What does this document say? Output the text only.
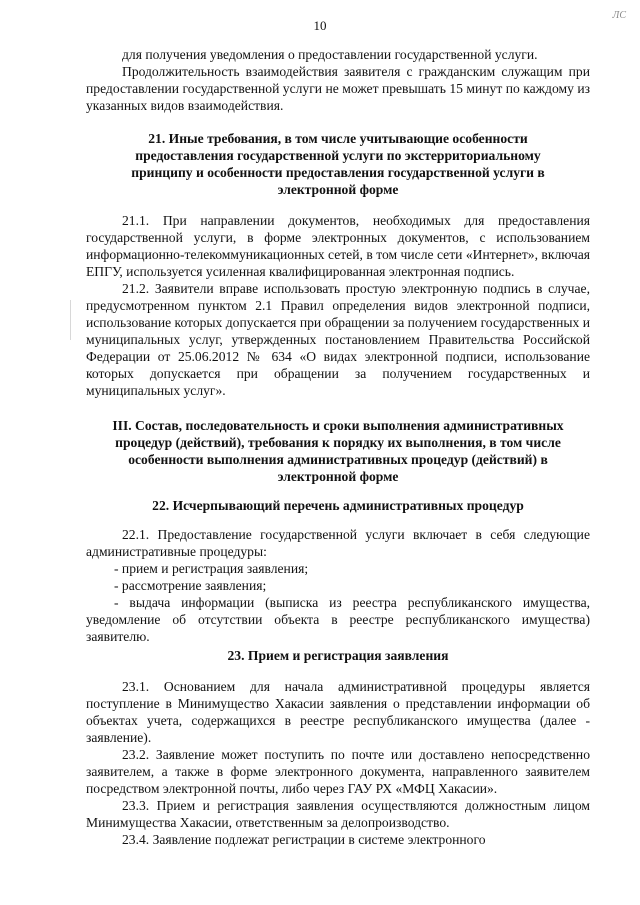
10
ЛС

для получения уведомления о предоставлении государственной услуги.

Продолжительность взаимодействия заявителя с гражданским служащим при предоставлении государственной услуги не может превышать 15 минут по каждому из указанных видов взаимодействия.

21. Иные требования, в том числе учитывающие особенности предоставления государственной услуги по экстерриториальному принципу и особенности предоставления государственной услуги в электронной форме

21.1. При направлении документов, необходимых для предоставления государственной услуги, в форме электронных документов, с использованием информационно-телекоммуникационных сетей, в том числе сети «Интернет», включая ЕПГУ, используется усиленная квалифицированная электронная подпись.

21.2. Заявители вправе использовать простую электронную подпись в случае, предусмотренном пунктом 2.1 Правил определения видов электронной подписи, использование которых допускается при обращении за получением государственных и муниципальных услуг, утвержденных постановлением Правительства Российской Федерации от 25.06.2012 № 634 «О видах электронной подписи, использование которых допускается при обращении за получением государственных и муниципальных услуг».

III. Состав, последовательность и сроки выполнения административных процедур (действий), требования к порядку их выполнения, в том числе особенности выполнения административных процедур (действий) в электронной форме
22. Исчерпывающий перечень административных процедур

22.1. Предоставление государственной услуги включает в себя следующие административные процедуры:

- прием и регистрация заявления;

- рассмотрение заявления;

- выдача информации (выписка из реестра республиканского имущества, уведомление об отсутствии объекта в реестре республиканского имущества) заявителю.

23. Прием и регистрация заявления

23.1. Основанием для начала административной процедуры является поступление в Минимущество Хакасии заявления о представлении информации об объектах учета, содержащихся в реестре республиканского имущества (далее - заявление).

23.2. Заявление может поступить по почте или доставлено непосредственно заявителем, а также в форме электронного документа, направленного заявителем посредством электронной почты, либо через ГАУ РХ «МФЦ Хакасии».

23.3. Прием и регистрация заявления осуществляются должностным лицом Минимущества Хакасии, ответственным за делопроизводство.

23.4. Заявление подлежат регистрации в системе электронного
